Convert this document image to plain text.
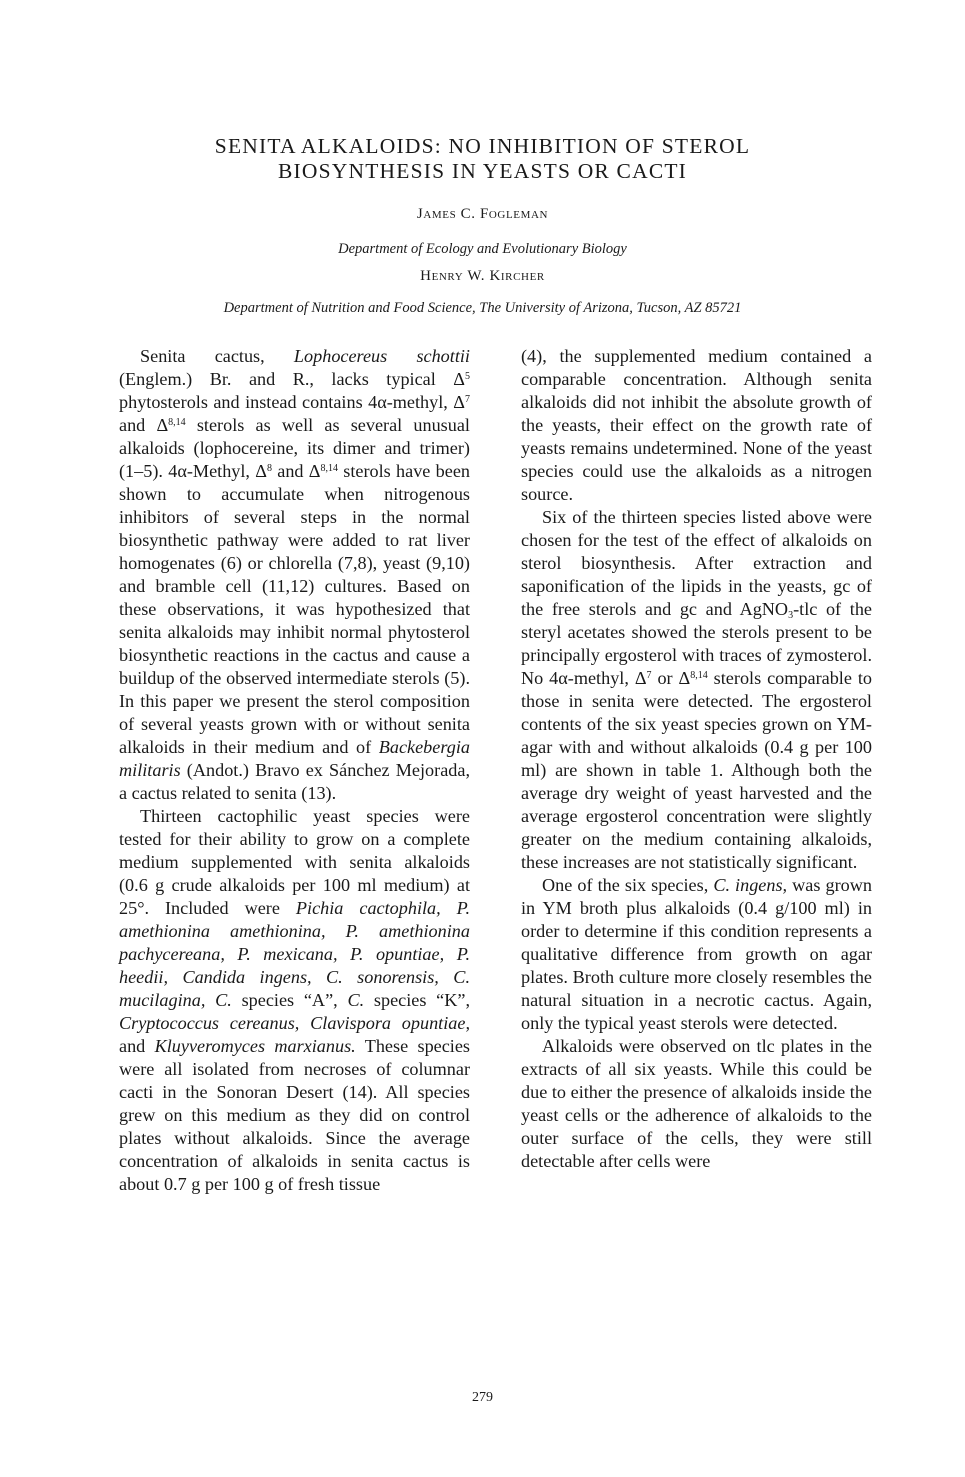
SENITA ALKALOIDS: NO INHIBITION OF STEROL
BIOSYNTHESIS IN YEASTS OR CACTI
James C. Fogleman
Department of Ecology and Evolutionary Biology
Henry W. Kircher
Department of Nutrition and Food Science, The University of Arizona, Tucson, AZ 85721

Senita cactus, Lophocereus schottii (Englem.) Br. and R., lacks typical $\Delta^5$ phytosterols and instead contains 4α-methyl, $\Delta^7$ and Δ$^{8,14}$ sterols as well as several unusual alkaloids (lophocereine, its dimer and trimer) (1–5). 4α-Methyl, $\Delta^8$ and Δ$^{8,14}$ sterols have been shown to accumulate when nitrogenous inhibitors of several steps in the normal biosynthetic pathway were added to rat liver homogenates (6) or chlorella (7,8), yeast (9,10) and bramble cell (11,12) cultures. Based on these observations, it was hypothesized that senita alkaloids may inhibit normal phytosterol biosynthetic reactions in the cactus and cause a buildup of the observed intermediate sterols (5). In this paper we present the sterol composition of several yeasts grown with or without senita alkaloids in their medium and of Backebergia militaris (Andot.) Bravo ex Sánchez Mejorada, a cactus related to senita (13).

Thirteen cactophilic yeast species were tested for their ability to grow on a complete medium supplemented with senita alkaloids (0.6 g crude alkaloids per 100 ml medium) at 25°. Included were Pichia cactophila, P. amethionina amethionina, P. amethionina pachycereana, P. mexicana, P. opuntiae, P. heedii, Candida ingens, C. sonorensis, C. mucilagina, C. species “A”, C. species “K”, Cryptococcus cereanus, Clavispora opuntiae, and Kluyveromyces marxianus. These species were all isolated from necroses of columnar cacti in the Sonoran Desert (14). All species grew on this medium as they did on control plates without alkaloids. Since the average concentration of alkaloids in senita cactus is about 0.7 g per 100 g of fresh tissue

(4), the supplemented medium contained a comparable concentration. Although senita alkaloids did not inhibit the absolute growth of the yeasts, their effect on the growth rate of yeasts remains undetermined. None of the yeast species could use the alkaloids as a nitrogen source.

Six of the thirteen species listed above were chosen for the test of the effect of alkaloids on sterol biosynthesis. After extraction and saponification of the lipids in the yeasts, gc of the free sterols and gc and AgNO$_3$-tlc of the steryl acetates showed the sterols present to be principally ergosterol with traces of zymosterol. No 4α-methyl, $\Delta^7$ or Δ$^{8,14}$ sterols comparable to those in senita were detected. The ergosterol contents of the six yeast species grown on YM-agar with and without alkaloids (0.4 g per 100 ml) are shown in table 1. Although both the average dry weight of yeast harvested and the average ergosterol concentration were slightly greater on the medium containing alkaloids, these increases are not statistically significant.

One of the six species, C. ingens, was grown in YM broth plus alkaloids (0.4 g/100 ml) in order to determine if this condition represents a qualitative difference from growth on agar plates. Broth culture more closely resembles the natural situation in a necrotic cactus. Again, only the typical yeast sterols were detected.

Alkaloids were observed on tlc plates in the extracts of all six yeasts. While this could be due to either the presence of alkaloids inside the yeast cells or the adherence of alkaloids to the outer surface of the cells, they were still detectable after cells were

279
